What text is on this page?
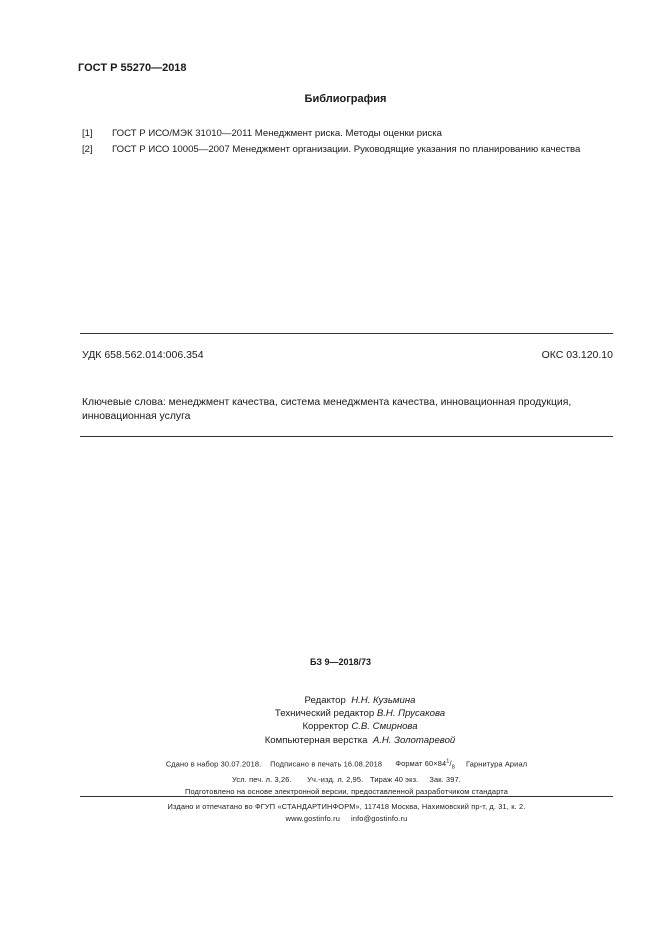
ГОСТ Р 55270—2018
Библиография
[1] ГОСТ Р ИСО/МЭК 31010—2011 Менеджмент риска. Методы оценки риска
[2] ГОСТ Р ИСО 10005—2007 Менеджмент организации. Руководящие указания по планированию качества
УДК 658.562.014:006.354	ОКС 03.120.10
Ключевые слова: менеджмент качества, система менеджмента качества, инновационная продукция, инновационная услуга
БЗ 9—2018/73
Редактор Н.Н. Кузьмина
Технический редактор В.Н. Прусакова
Корректор С.В. Смирнова
Компьютерная верстка А.Н. Золотаревой
Сдано в набор 30.07.2018. Подписано в печать 16.08.2018 Формат $60\times 84^1/_8$ Гарнитура Ариал
Усл. печ. л. 3,26. Уч.-изд. л. 2,95. Тираж 40 экз. Зак. 397.
Подготовлено на основе электронной версии, предоставленной разработчиком стандарта
Издано и отпечатано во ФГУП «СТАНДАРТИНФОРМ», 117418 Москва, Нахимовский пр-т, д. 31, к. 2.
www.gostinfo.ru info@gostinfo.ru
